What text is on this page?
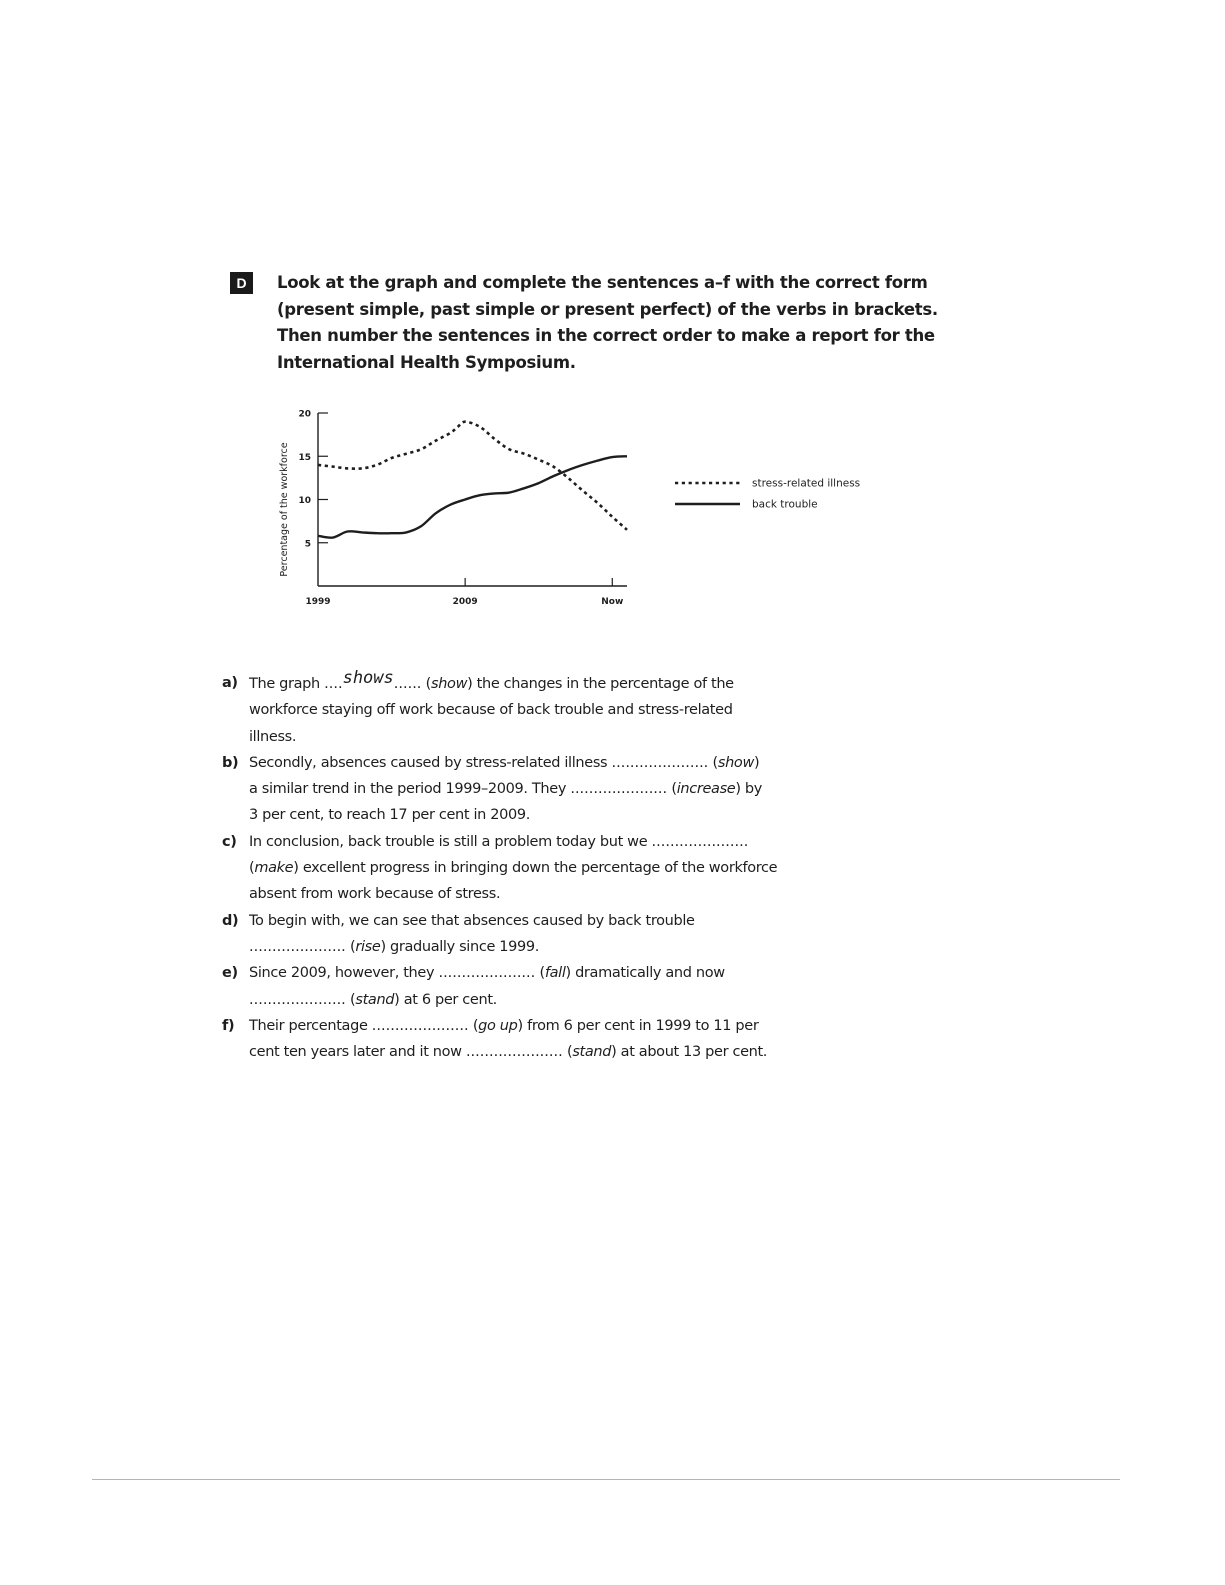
D	Look at the graph and complete the sentences a–f with the correct form
(present simple, past simple or present perfect) of the verbs in brackets.
Then number the sentences in the correct order to make a report for the
International Health Symposium.

5
10
15
20
1999	2009	Now
Percentage of the workforce	stress-related illness
back trouble
a) The graph ....shows...... (show) the changes in the percentage of the
workforce staying off work because of back trouble and stress-related
illness.
b) Secondly, absences caused by stress-related illness ..................... (show)
a similar trend in the period 1999–2009. They ..................... (increase) by
3 per cent, to reach 17 per cent in 2009.
c) In conclusion, back trouble is still a problem today but we .....................
(make) excellent progress in bringing down the percentage of the workforce
absent from work because of stress.
d) To begin with, we can see that absences caused by back trouble
..................... (rise) gradually since 1999.
e) Since 2009, however, they ..................... (fall) dramatically and now
..................... (stand) at 6 per cent.
f) Their percentage ..................... (go up) from 6 per cent in 1999 to 11 per
cent ten years later and it now ..................... (stand) at about 13 per cent.
